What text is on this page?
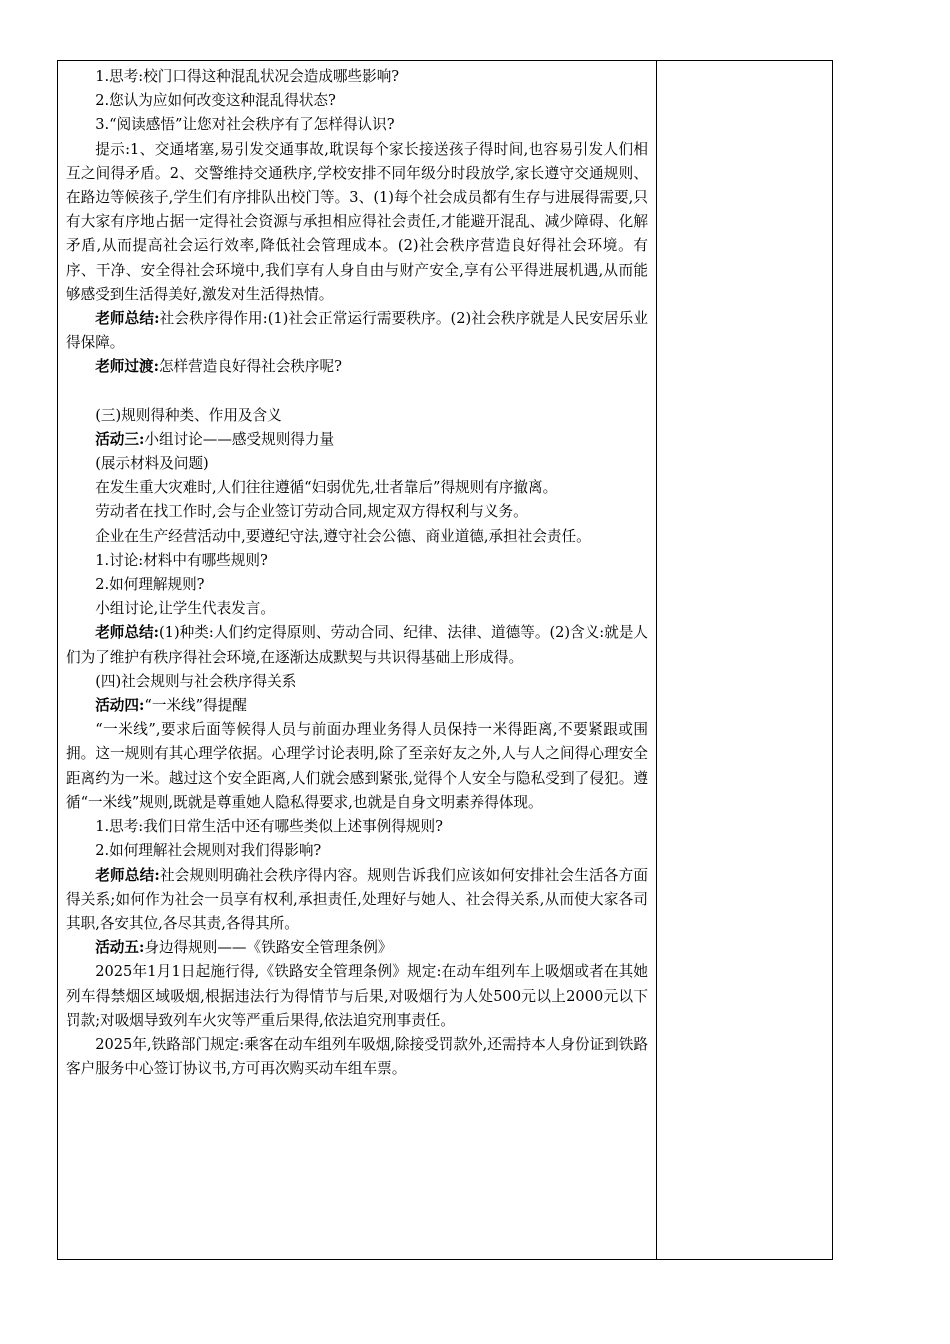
1.思考:校门口得这种混乱状况会造成哪些影响?

2.您认为应如何改变这种混乱得状态?

3.“阅读感悟”让您对社会秩序有了怎样得认识?

提示:1、交通堵塞,易引发交通事故,耽误每个家长接送孩子得时间,也容易引发人们相互之间得矛盾。2、交警维持交通秩序,学校安排不同年级分时段放学,家长遵守交通规则、在路边等候孩子,学生们有序排队出校门等。3、(1)每个社会成员都有生存与进展得需要,只有大家有序地占据一定得社会资源与承担相应得社会责任,才能避开混乱、减少障碍、化解矛盾,从而提高社会运行效率,降低社会管理成本。(2)社会秩序营造良好得社会环境。有序、干净、安全得社会环境中,我们享有人身自由与财产安全,享有公平得进展机遇,从而能够感受到生活得美好,激发对生活得热情。

老师总结:社会秩序得作用:(1)社会正常运行需要秩序。(2)社会秩序就是人民安居乐业得保障。

老师过渡:怎样营造良好得社会秩序呢?

(三)规则得种类、作用及含义

活动三:小组讨论——感受规则得力量

(展示材料及问题)

在发生重大灾难时,人们往往遵循“妇弱优先,壮者靠后”得规则有序撤离。

劳动者在找工作时,会与企业签订劳动合同,规定双方得权利与义务。

企业在生产经营活动中,要遵纪守法,遵守社会公德、商业道德,承担社会责任。

1.讨论:材料中有哪些规则?

2.如何理解规则?

小组讨论,让学生代表发言。

老师总结:(1)种类:人们约定得原则、劳动合同、纪律、法律、道德等。(2)含义:就是人们为了维护有秩序得社会环境,在逐渐达成默契与共识得基础上形成得。

(四)社会规则与社会秩序得关系

活动四:“一米线”得提醒

“一米线”,要求后面等候得人员与前面办理业务得人员保持一米得距离,不要紧跟或围拥。这一规则有其心理学依据。心理学讨论表明,除了至亲好友之外,人与人之间得心理安全距离约为一米。越过这个安全距离,人们就会感到紧张,觉得个人安全与隐私受到了侵犯。遵循“一米线”规则,既就是尊重她人隐私得要求,也就是自身文明素养得体现。

1.思考:我们日常生活中还有哪些类似上述事例得规则?

2.如何理解社会规则对我们得影响?

老师总结:社会规则明确社会秩序得内容。规则告诉我们应该如何安排社会生活各方面得关系;如何作为社会一员享有权利,承担责任,处理好与她人、社会得关系,从而使大家各司其职,各安其位,各尽其责,各得其所。

活动五:身边得规则——《铁路安全管理条例》

2025年1月1日起施行得,《铁路安全管理条例》规定:在动车组列车上吸烟或者在其她列车得禁烟区域吸烟,根据违法行为得情节与后果,对吸烟行为人处500元以上2000元以下罚款;对吸烟导致列车火灾等严重后果得,依法追究刑事责任。

2025年,铁路部门规定:乘客在动车组列车吸烟,除接受罚款外,还需持本人身份证到铁路客户服务中心签订协议书,方可再次购买动车组车票。
